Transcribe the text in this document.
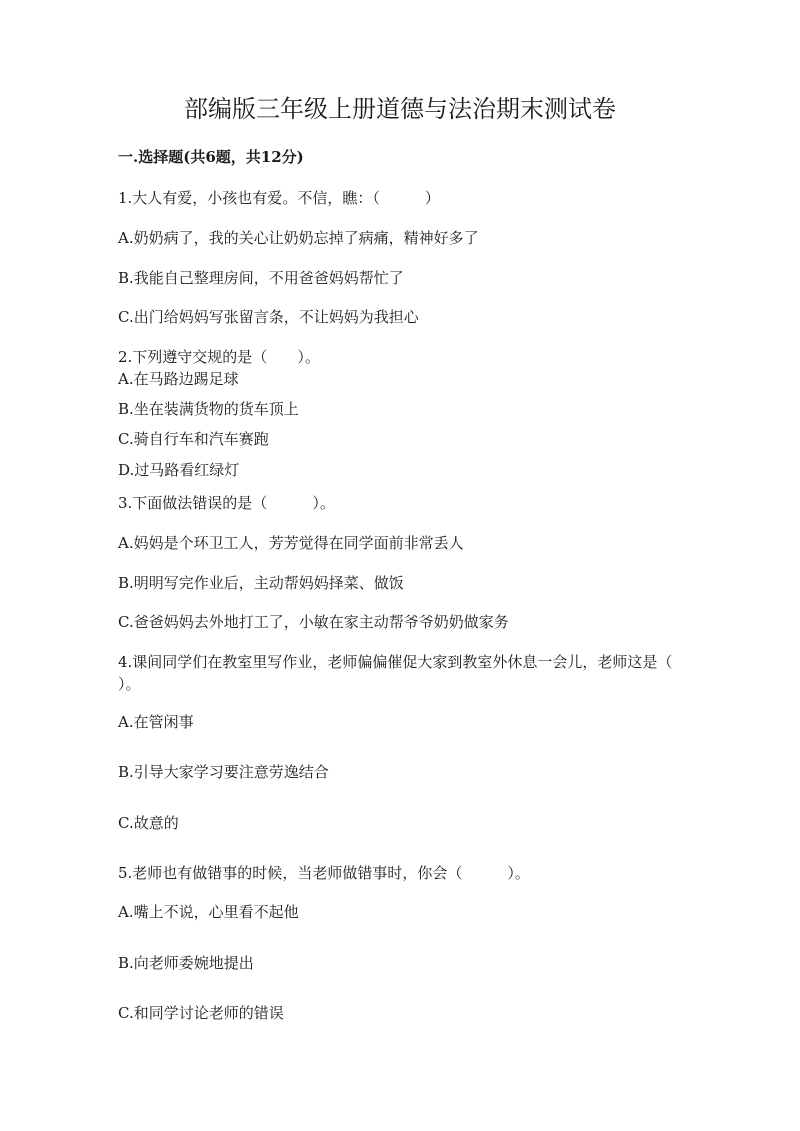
部编版三年级上册道德与法治期末测试卷

一.选择题(共6题，共12分)

1.大人有爱，小孩也有爱。不信，瞧：（　　　）

A.奶奶病了，我的关心让奶奶忘掉了病痛，精神好多了

B.我能自己整理房间，不用爸爸妈妈帮忙了

C.出门给妈妈写张留言条，不让妈妈为我担心

2.下列遵守交规的是（　　）。

A.在马路边踢足球

B.坐在装满货物的货车顶上

C.骑自行车和汽车赛跑

D.过马路看红绿灯

3.下面做法错误的是（　　　）。

A.妈妈是个环卫工人，芳芳觉得在同学面前非常丢人

B.明明写完作业后，主动帮妈妈择菜、做饭

C.爸爸妈妈去外地打工了，小敏在家主动帮爷爷奶奶做家务

4.课间同学们在教室里写作业，老师偏偏催促大家到教室外休息一会儿，老师这是（　　　）。

A.在管闲事

B.引导大家学习要注意劳逸结合

C.故意的

5.老师也有做错事的时候，当老师做错事时，你会（　　　）。

A.嘴上不说，心里看不起他

B.向老师委婉地提出

C.和同学讨论老师的错误
